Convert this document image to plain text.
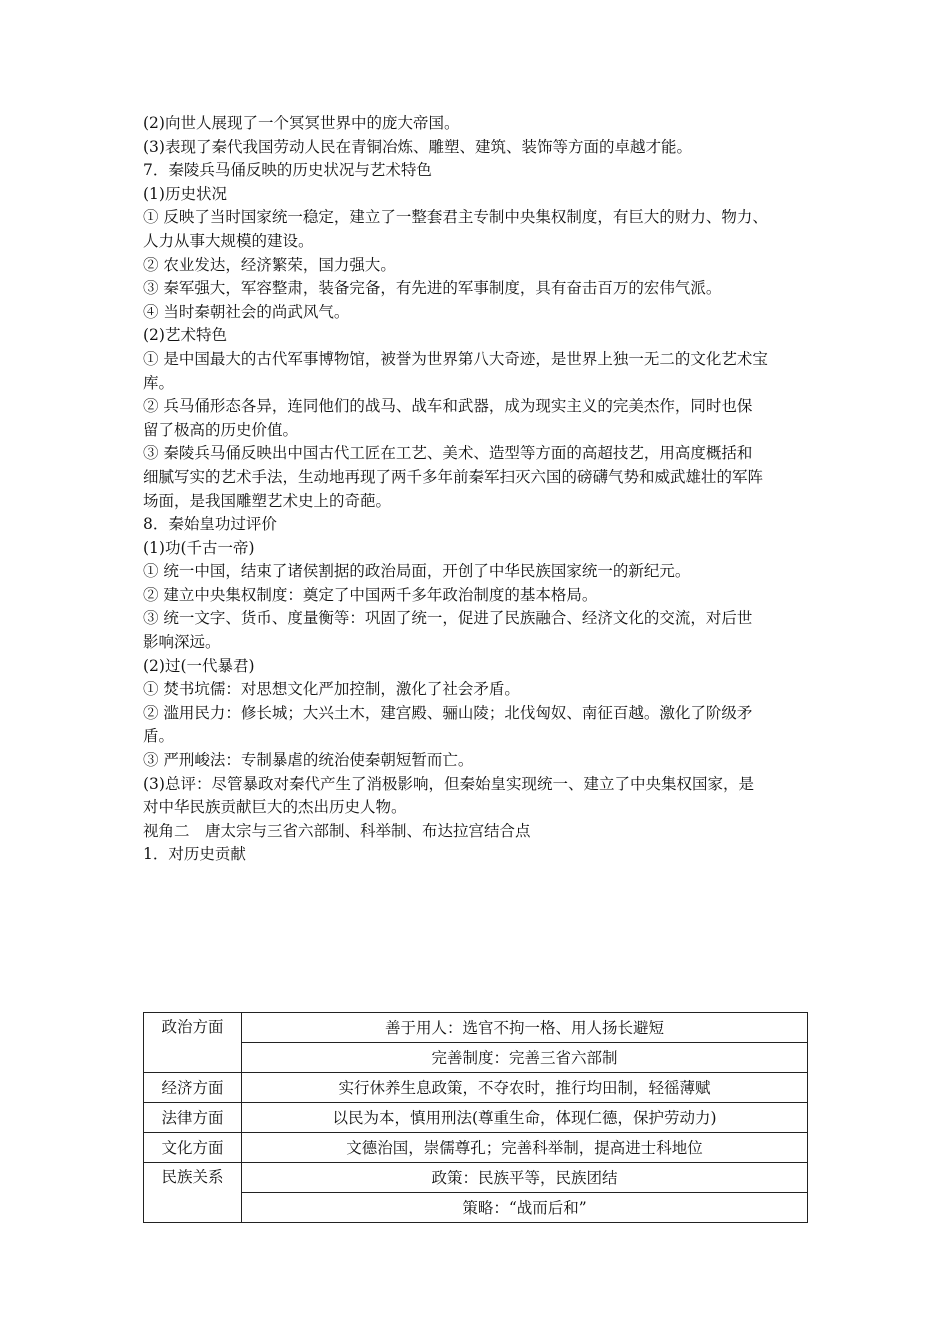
(2)向世人展现了一个冥冥世界中的庞大帝国。
(3)表现了秦代我国劳动人民在青铜冶炼、雕塑、建筑、装饰等方面的卓越才能。
7．秦陵兵马俑反映的历史状况与艺术特色
(1)历史状况
① 反映了当时国家统一稳定，建立了一整套君主专制中央集权制度，有巨大的财力、物力、
人力从事大规模的建设。
② 农业发达，经济繁荣，国力强大。
③ 秦军强大，军容整肃，装备完备，有先进的军事制度，具有奋击百万的宏伟气派。
④ 当时秦朝社会的尚武风气。
(2)艺术特色
① 是中国最大的古代军事博物馆，被誉为世界第八大奇迹，是世界上独一无二的文化艺术宝
库。
② 兵马俑形态各异，连同他们的战马、战车和武器，成为现实主义的完美杰作，同时也保
留了极高的历史价值。
③ 秦陵兵马俑反映出中国古代工匠在工艺、美术、造型等方面的高超技艺，用高度概括和
细腻写实的艺术手法，生动地再现了两千多年前秦军扫灭六国的磅礴气势和威武雄壮的军阵
场面，是我国雕塑艺术史上的奇葩。
8．秦始皇功过评价
(1)功(千古一帝)
① 统一中国，结束了诸侯割据的政治局面，开创了中华民族国家统一的新纪元。
② 建立中央集权制度：奠定了中国两千多年政治制度的基本格局。
③ 统一文字、货币、度量衡等：巩固了统一，促进了民族融合、经济文化的交流，对后世
影响深远。
(2)过(一代暴君)
① 焚书坑儒：对思想文化严加控制，激化了社会矛盾。
② 滥用民力：修长城；大兴土木，建宫殿、骊山陵；北伐匈奴、南征百越。激化了阶级矛
盾。
③ 严刑峻法：专制暴虐的统治使秦朝短暂而亡。
(3)总评：尽管暴政对秦代产生了消极影响，但秦始皇实现统一、建立了中央集权国家，是
对中华民族贡献巨大的杰出历史人物。
视角二　唐太宗与三省六部制、科举制、布达拉宫结合点
1．对历史贡献
政治方面	善于用人：选官不拘一格、用人扬长避短
	完善制度：完善三省六部制
经济方面	实行休养生息政策，不夺农时，推行均田制，轻徭薄赋
法律方面	以民为本，慎用刑法(尊重生命，体现仁德，保护劳动力)
文化方面	文德治国，崇儒尊孔；完善科举制，提高进士科地位
民族关系	政策：民族平等，民族团结
	策略：“战而后和”
